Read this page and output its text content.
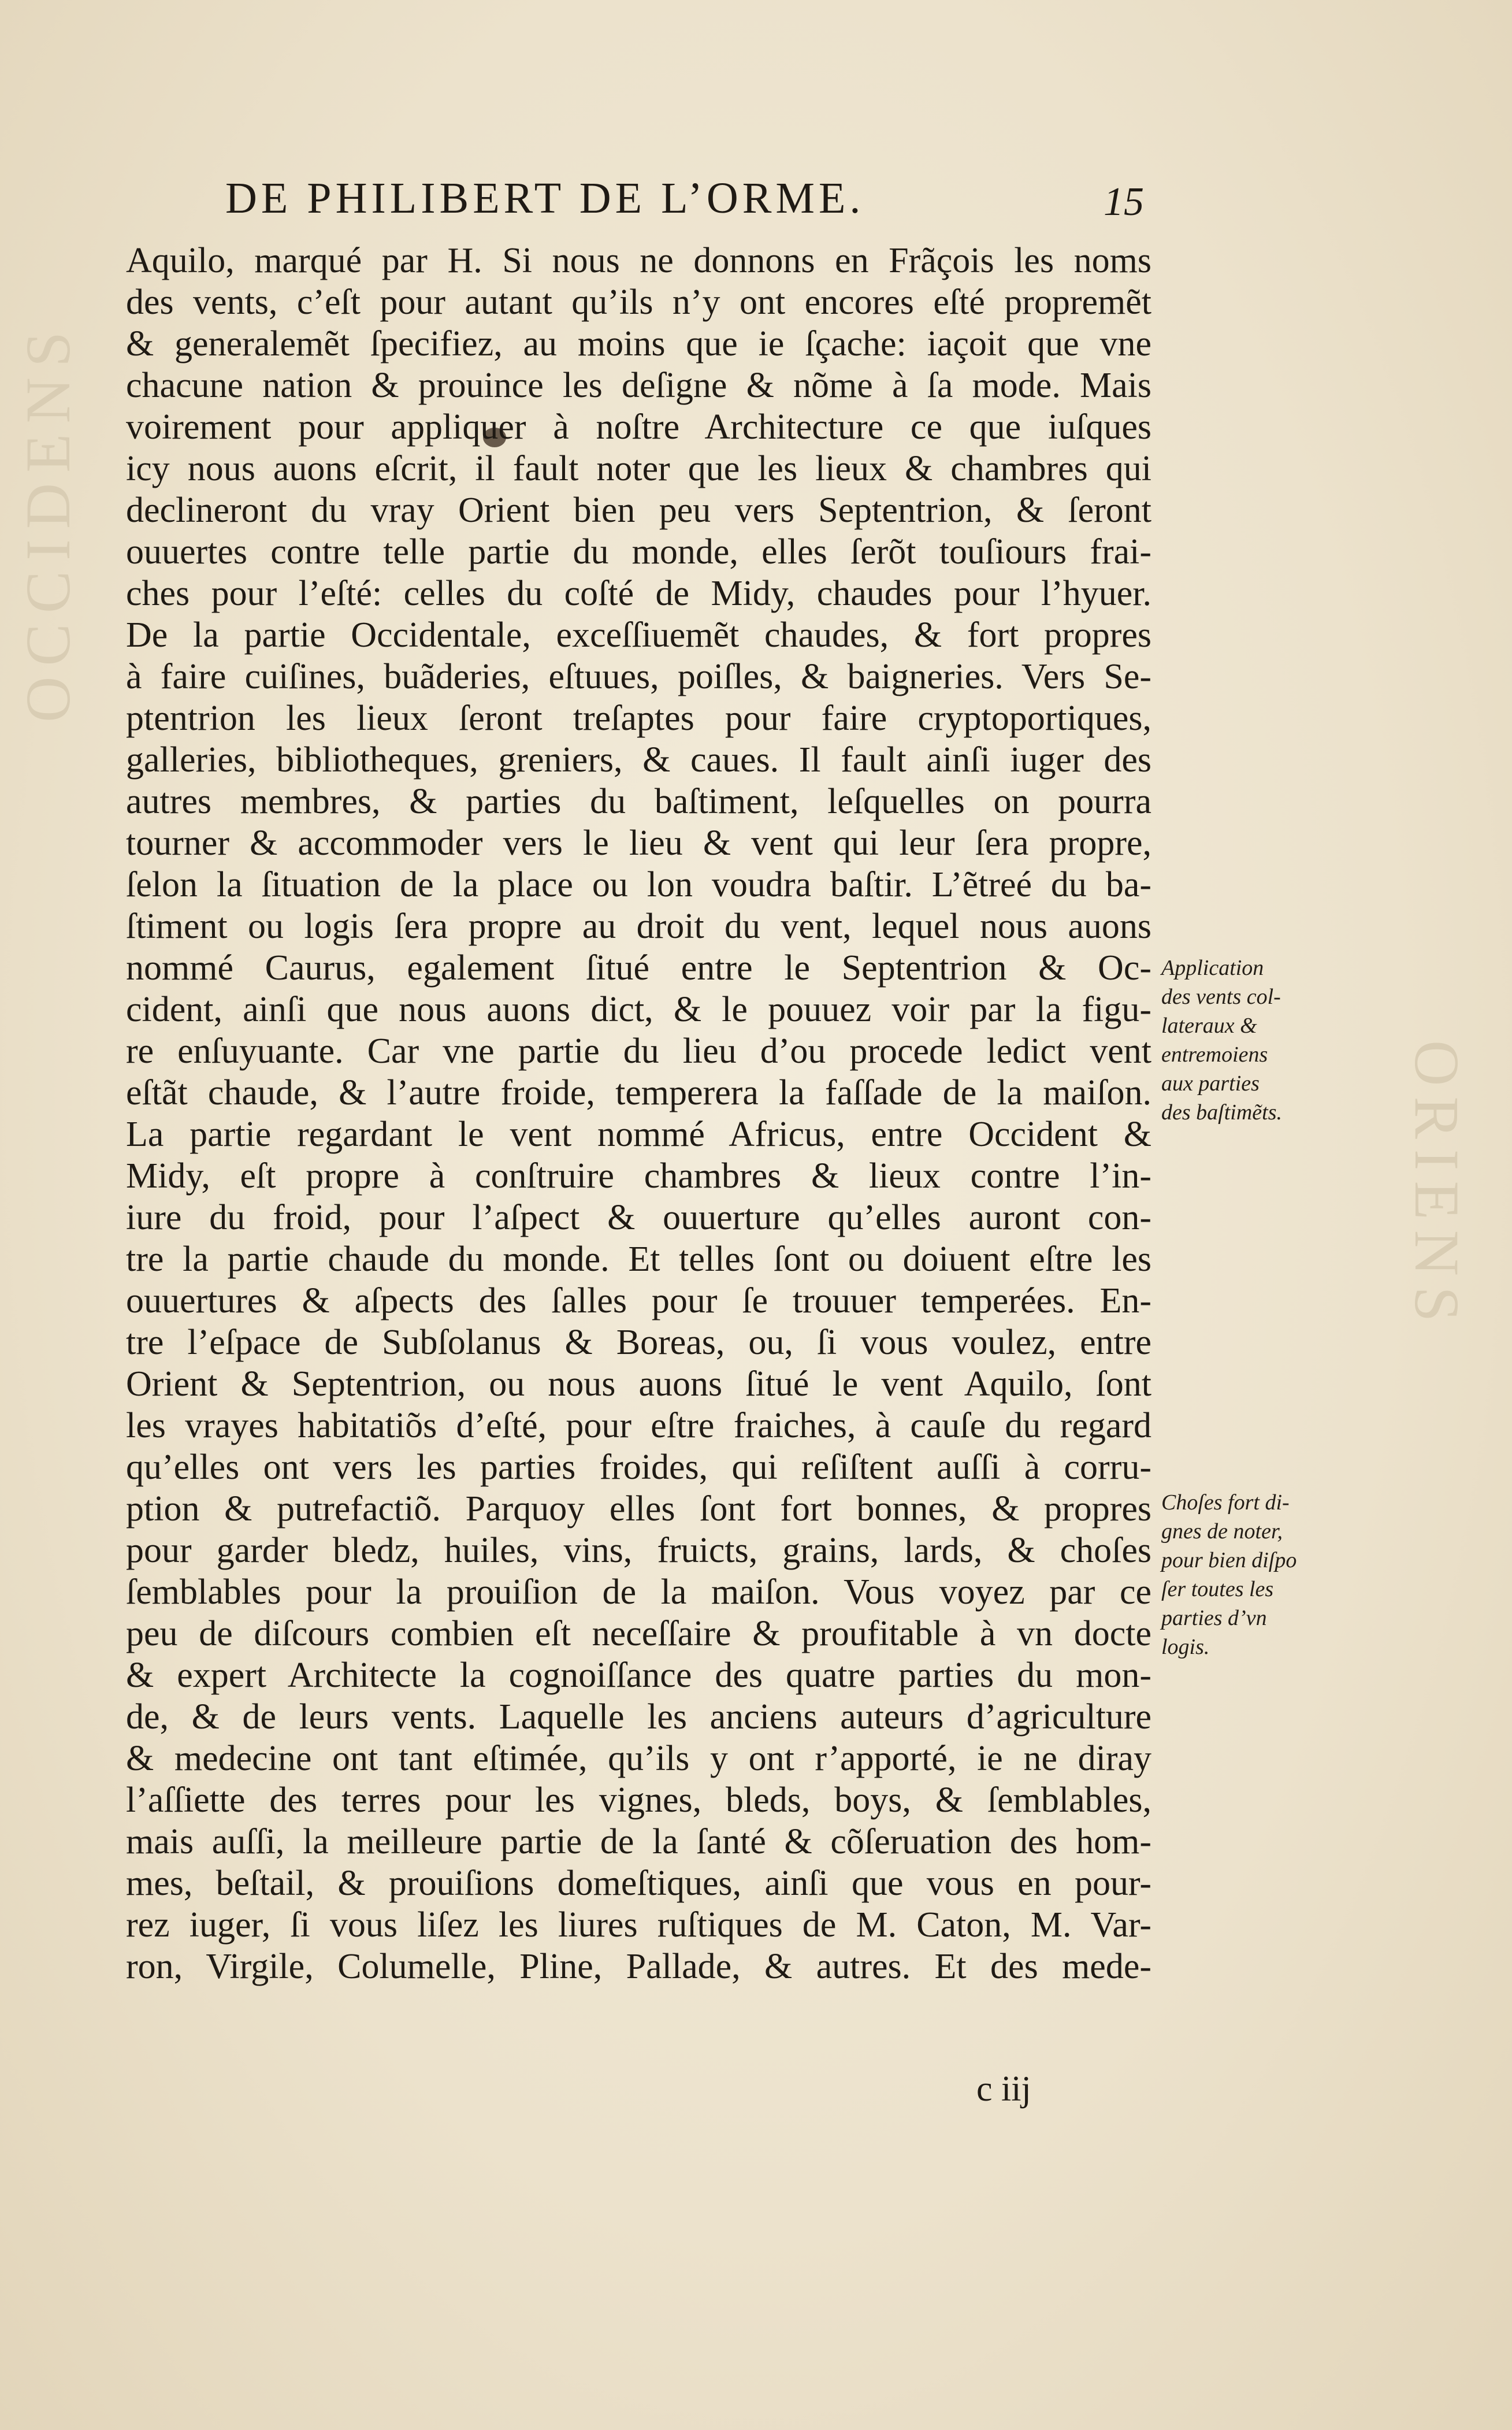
OCCIDENS
ORIENS
DE PHILIBERT DE L’ORME.	15
Aquilo, marqué par H. Si nous ne donnons en Frãçois les noms
des vents, c’eſt pour autant qu’ils n’y ont encores eſté propremẽt
& generalemẽt ſpecifiez, au moins que ie ſçache: iaçoit que vne
chacune nation & prouince les deſigne & nõme à ſa mode. Mais
voirement pour appliquer à noſtre Architecture ce que iuſques
icy nous auons eſcrit, il fault noter que les lieux & chambres qui
declineront du vray Orient bien peu vers Septentrion, & ſeront
ouuertes contre telle partie du monde, elles ſerõt touſiours frai-
ches pour l’eſté: celles du coſté de Midy, chaudes pour l’hyuer.
De la partie Occidentale, exceſſiuemẽt chaudes, & fort propres
à faire cuiſines, buãderies, eſtuues, poiſles, & baigneries. Vers Se-
ptentrion les lieux ſeront treſaptes pour faire cryptoportiques,
galleries, bibliotheques, greniers, & caues. Il fault ainſi iuger des
autres membres, & parties du baſtiment, leſquelles on pourra
tourner & accommoder vers le lieu & vent qui leur ſera propre,
ſelon la ſituation de la place ou lon voudra baſtir. L’ẽtreé du ba-
ſtiment ou logis ſera propre au droit du vent, lequel nous auons
nommé Caurus, egalement ſitué entre le Septentrion & Oc-
cident, ainſi que nous auons dict, & le pouuez voir par la figu-
re enſuyuante. Car vne partie du lieu d’ou procede ledict vent
eſtãt chaude, & l’autre froide, temperera la faſſade de la maiſon.
La partie regardant le vent nommé Africus, entre Occident &
Midy, eſt propre à conſtruire chambres & lieux contre l’in-
iure du froid, pour l’aſpect & ouuerture qu’elles auront con-
tre la partie chaude du monde. Et telles ſont ou doiuent eſtre les
ouuertures & aſpects des ſalles pour ſe trouuer temperées. En-
tre l’eſpace de Subſolanus & Boreas, ou, ſi vous voulez, entre
Orient & Septentrion, ou nous auons ſitué le vent Aquilo, ſont
les vrayes habitatiõs d’eſté, pour eſtre fraiches, à cauſe du regard
qu’elles ont vers les parties froides, qui reſiſtent auſſi à corru-
ption & putrefactiõ. Parquoy elles ſont fort bonnes, & propres
pour garder bledz, huiles, vins, fruicts, grains, lards, & choſes
ſemblables pour la prouiſion de la maiſon. Vous voyez par ce
peu de diſcours combien eſt neceſſaire & proufitable à vn docte
& expert Architecte la cognoiſſance des quatre parties du mon-
de, & de leurs vents. Laquelle les anciens auteurs d’agriculture
& medecine ont tant eſtimée, qu’ils y ont r’apporté, ie ne diray
l’aſſiette des terres pour les vignes, bleds, boys, & ſemblables,
mais auſſi, la meilleure partie de la ſanté & cõſeruation des hom-
mes, beſtail, & prouiſions domeſtiques, ainſi que vous en pour-
rez iuger, ſi vous liſez les liures ruſtiques de M. Caton, M. Var-
ron, Virgile, Columelle, Pline, Pallade, & autres. Et des mede-
Application
des vents col-
lateraux &
entremoiens
aux parties
des baſtimẽts.
Choſes fort di-
gnes de noter,
pour bien diſpo
ſer toutes les
parties d’vn
logis.
c iij
